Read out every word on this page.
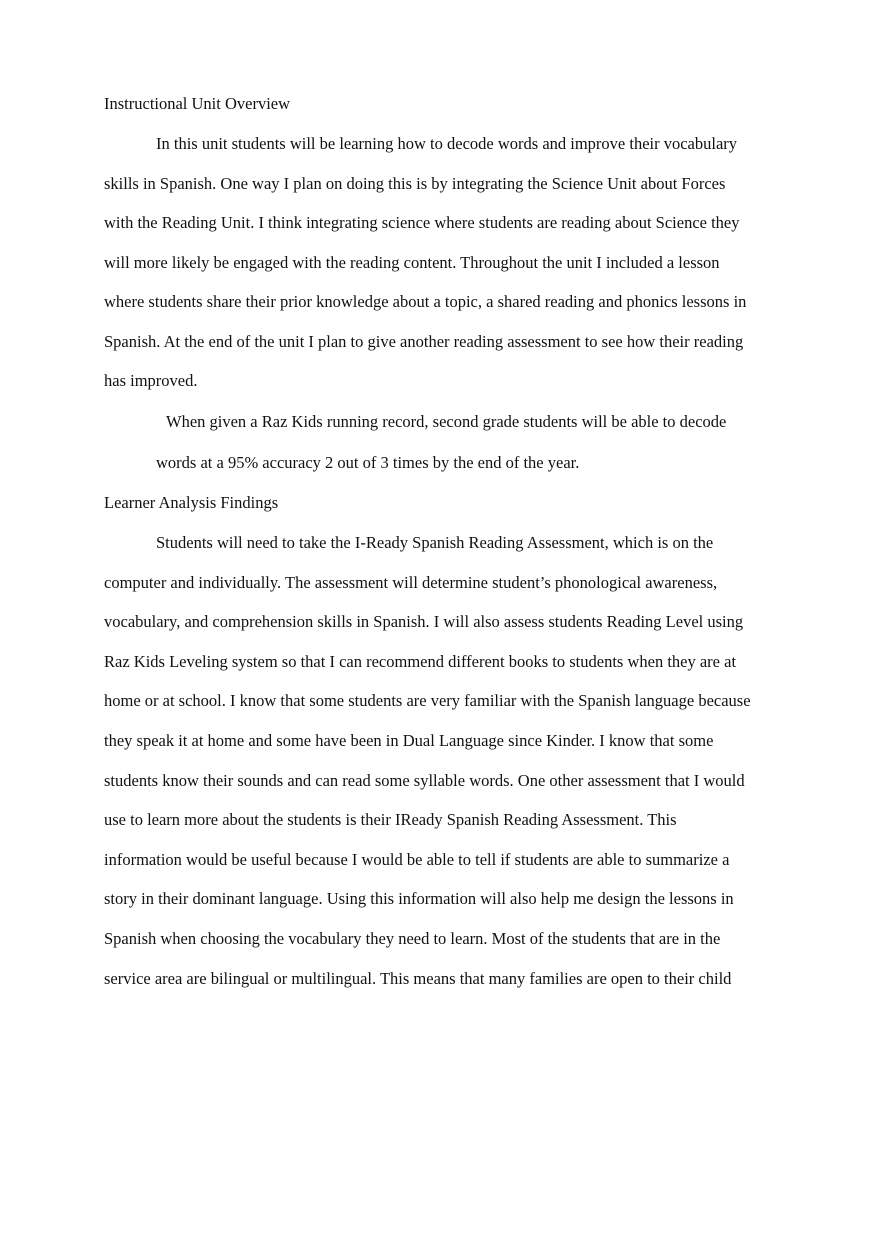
Instructional Unit Overview
In this unit students will be learning how to decode words and improve their vocabulary
skills in Spanish. One way I plan on doing this is by integrating the Science Unit about Forces
with the Reading Unit. I think integrating science where students are reading about Science they
will more likely be engaged with the reading content. Throughout the unit I included a lesson
where students share their prior knowledge about a topic, a shared reading and phonics lessons in
Spanish. At the end of the unit I plan to give another reading assessment to see how their reading
has improved.
When given a Raz Kids running record, second grade students will be able to decode
words at a 95% accuracy 2 out of 3 times by the end of the year.
Learner Analysis Findings
Students will need to take the I-Ready Spanish Reading Assessment, which is on the
computer and individually. The assessment will determine student’s phonological awareness,
vocabulary, and comprehension skills in Spanish. I will also assess students Reading Level using
Raz Kids Leveling system so that I can recommend different books to students when they are at
home or at school. I know that some students are very familiar with the Spanish language because
they speak it at home and some have been in Dual Language since Kinder. I know that some
students know their sounds and can read some syllable words. One other assessment that I would
use to learn more about the students is their IReady Spanish Reading Assessment. This
information would be useful because I would be able to tell if students are able to summarize a
story in their dominant language. Using this information will also help me design the lessons in
Spanish when choosing the vocabulary they need to learn. Most of the students that are in the
service area are bilingual or multilingual. This means that many families are open to their child
